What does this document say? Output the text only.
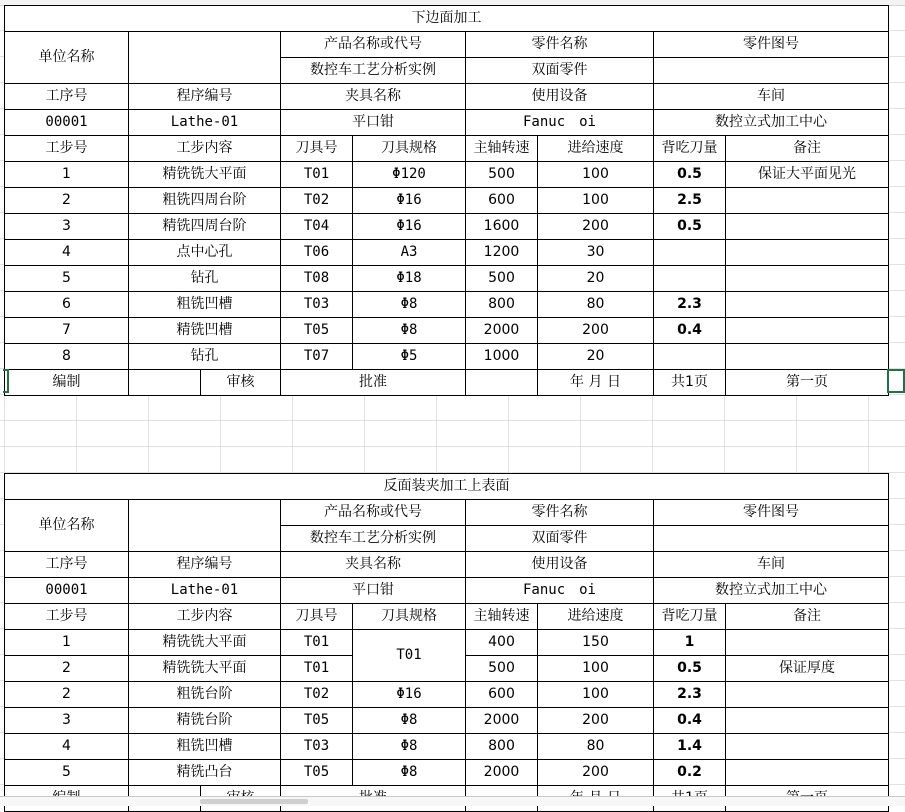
下边面加工								
单位名称			产品名称或代号		零件名称		零件图号	
			数控车工艺分析实例		双面零件			
工序号	程序编号		夹具名称		使用设备		车间	
00001	Lathe-01		平口钳		Fanuc　oi		数控立式加工中心	
工步号	工步内容		刀具号	刀具规格	主轴转速	进给速度	背吃刀量	备注
1	精铣铣大平面		T01	Φ120	500	100	0.5	保证大平面见光
2	粗铣四周台阶		T02	Φ16	600	100	2.5	
3	精铣四周台阶		T04	Φ16	1600	200	0.5	
4	点中心孔		T06	A3	1200	30		
5	钻孔		T08	Φ18	500	20		
6	粗铣凹槽		T03	Φ8	800	80	2.3	
7	精铣凹槽		T05	Φ8	2000	200	0.4	
8	钻孔		T07	Φ5	1000	20		
编制		审核	批准			年 月 日	共1页	第一页
反面装夹加工上表面								
单位名称			产品名称或代号		零件名称		零件图号	
			数控车工艺分析实例		双面零件			
工序号	程序编号		夹具名称		使用设备		车间	
00001	Lathe-01		平口钳		Fanuc　oi		数控立式加工中心	
工步号	工步内容		刀具号	刀具规格	主轴转速	进给速度	背吃刀量	备注
1	精铣铣大平面		T01	T01	400	150	1	
2	精铣铣大平面		T01		500	100	0.5	保证厚度
2	粗铣台阶		T02	Φ16	600	100	2.3	
3	精铣台阶		T05	Φ8	2000	200	0.4	
4	粗铣凹槽		T03	Φ8	800	80	1.4	
5	精铣凸台		T05	Φ8	2000	200	0.2	
